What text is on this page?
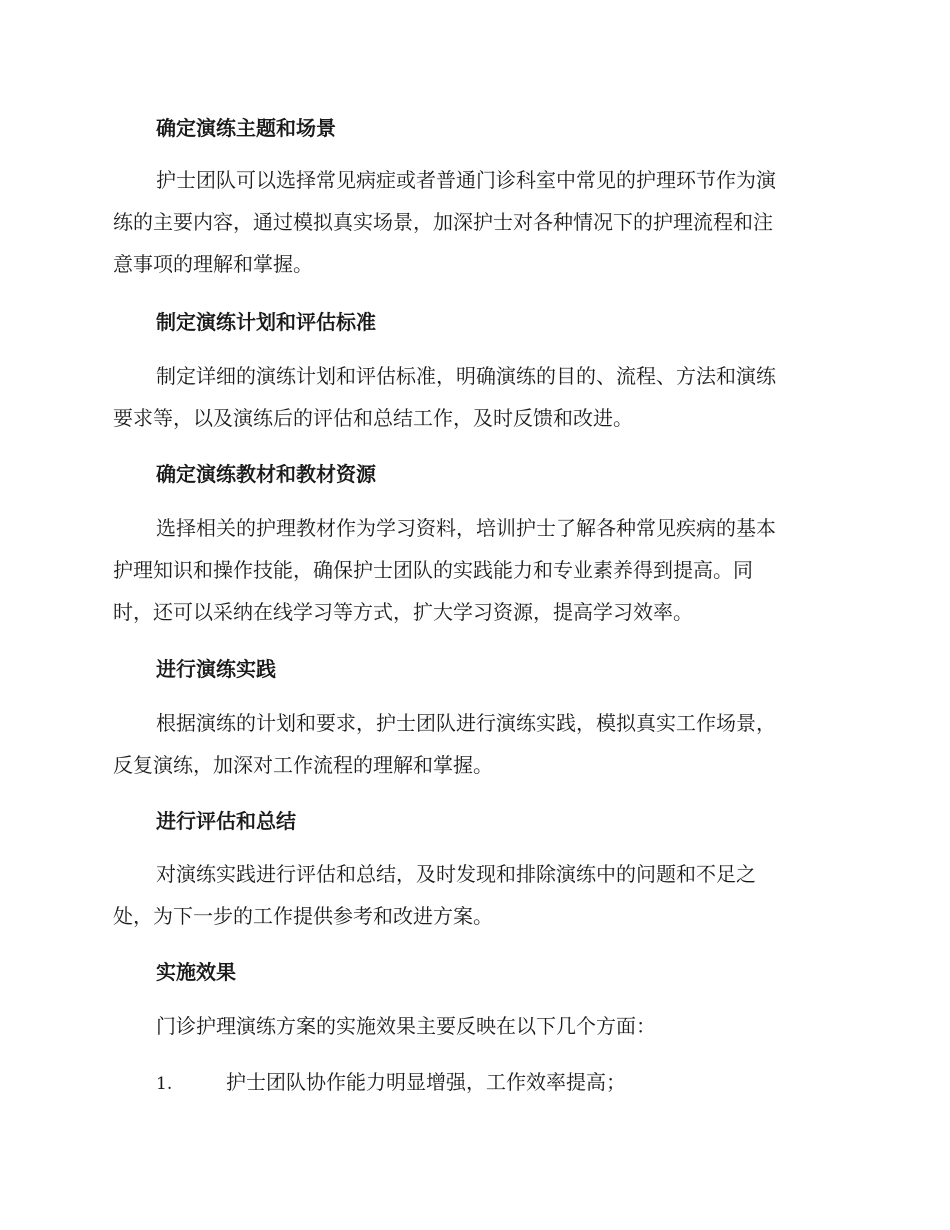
确定演练主题和场景
护士团队可以选择常见病症或者普通门诊科室中常见的护理环节作为演
练的主要内容，通过模拟真实场景，加深护士对各种情况下的护理流程和注
意事项的理解和掌握。
制定演练计划和评估标准
制定详细的演练计划和评估标准，明确演练的目的、流程、方法和演练
要求等，以及演练后的评估和总结工作，及时反馈和改进。
确定演练教材和教材资源
选择相关的护理教材作为学习资料，培训护士了解各种常见疾病的基本
护理知识和操作技能，确保护士团队的实践能力和专业素养得到提高。同
时，还可以采纳在线学习等方式，扩大学习资源，提高学习效率。
进行演练实践
根据演练的计划和要求，护士团队进行演练实践，模拟真实工作场景，
反复演练，加深对工作流程的理解和掌握。
进行评估和总结
对演练实践进行评估和总结，及时发现和排除演练中的问题和不足之
处，为下一步的工作提供参考和改进方案。
实施效果
门诊护理演练方案的实施效果主要反映在以下几个方面：
1.	护士团队协作能力明显增强，工作效率提高；
